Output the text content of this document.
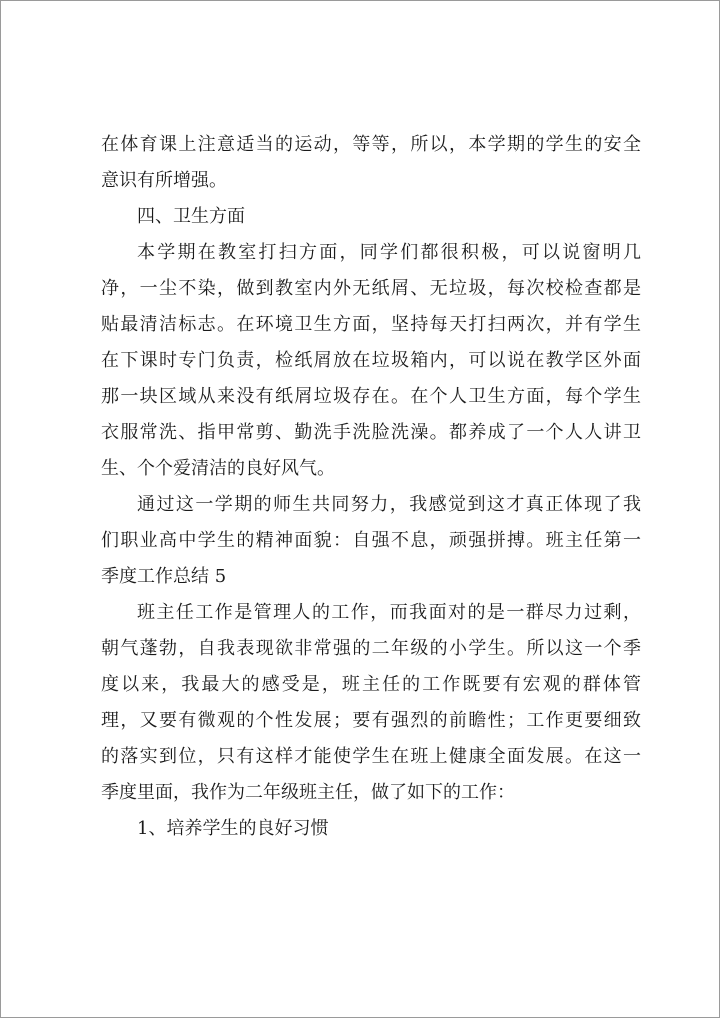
在体育课上注意适当的运动，等等，所以，本学期的学生的安全
意识有所增强。
四、卫生方面
本学期在教室打扫方面，同学们都很积极，可以说窗明几
净，一尘不染，做到教室内外无纸屑、无垃圾，每次校检查都是
贴最清洁标志。在环境卫生方面，坚持每天打扫两次，并有学生
在下课时专门负责，检纸屑放在垃圾箱内，可以说在教学区外面
那一块区域从来没有纸屑垃圾存在。在个人卫生方面，每个学生
衣服常洗、指甲常剪、勤洗手洗脸洗澡。都养成了一个人人讲卫
生、个个爱清洁的良好风气。
通过这一学期的师生共同努力，我感觉到这才真正体现了我
们职业高中学生的精神面貌：自强不息，顽强拼搏。班主任第一
季度工作总结 5
班主任工作是管理人的工作，而我面对的是一群尽力过剩，
朝气蓬勃，自我表现欲非常强的二年级的小学生。所以这一个季
度以来，我最大的感受是，班主任的工作既要有宏观的群体管
理，又要有微观的个性发展；要有强烈的前瞻性；工作更要细致
的落实到位，只有这样才能使学生在班上健康全面发展。在这一
季度里面，我作为二年级班主任，做了如下的工作：
1、培养学生的良好习惯
